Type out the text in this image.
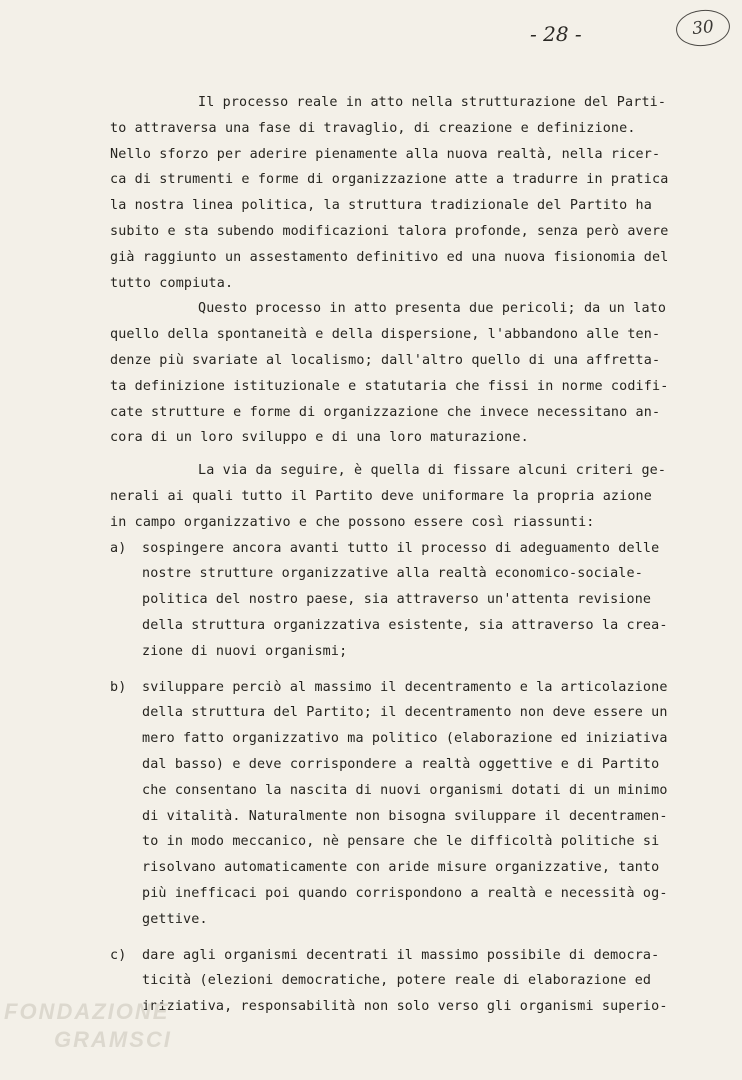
- 28 -	30
Il processo reale in atto nella strutturazione del Parti-
to attraversa una fase di travaglio, di creazione e definizione.
Nello sforzo per aderire pienamente alla nuova realtà, nella ricer-
ca di strumenti e forme di organizzazione atte a tradurre in pratica
la nostra linea politica, la struttura tradizionale del Partito ha
subito e sta subendo modificazioni talora profonde, senza però avere
già raggiunto un assestamento definitivo ed una nuova fisionomia del
tutto compiuta.
Questo processo in atto presenta due pericoli; da un lato
quello della spontaneità e della dispersione, l'abbandono alle ten-
denze più svariate al localismo; dall'altro quello di una affretta-
ta definizione istituzionale e statutaria che fissi in norme codifi-
cate strutture e forme di organizzazione che invece necessitano an-
cora di un loro sviluppo e di una loro maturazione.
La via da seguire, è quella di fissare alcuni criteri ge-
nerali ai quali tutto il Partito deve uniformare la propria azione
in campo organizzativo e che possono essere così riassunti:
a) sospingere ancora avanti tutto il processo di adeguamento delle
nostre strutture organizzative alla realtà economico-sociale-
politica del nostro paese, sia attraverso un'attenta revisione
della struttura organizzativa esistente, sia attraverso la crea-
zione di nuovi organismi;
b) sviluppare perciò al massimo il decentramento e la articolazione
della struttura del Partito; il decentramento non deve essere un
mero fatto organizzativo ma politico (elaborazione ed iniziativa
dal basso) e deve corrispondere a realtà oggettive e di Partito
che consentano la nascita di nuovi organismi dotati di un minimo
di vitalità. Naturalmente non bisogna sviluppare il decentramen-
to in modo meccanico, nè pensare che le difficoltà politiche si
risolvano automaticamente con aride misure organizzative, tanto
più inefficaci poi quando corrispondono a realtà e necessità og-
gettive.
c) dare agli organismi decentrati il massimo possibile di democra-
ticità (elezioni democratiche, potere reale di elaborazione ed
iniziativa, responsabilità non solo verso gli organismi superio-
FONDAZIONE
GRAMSCI
